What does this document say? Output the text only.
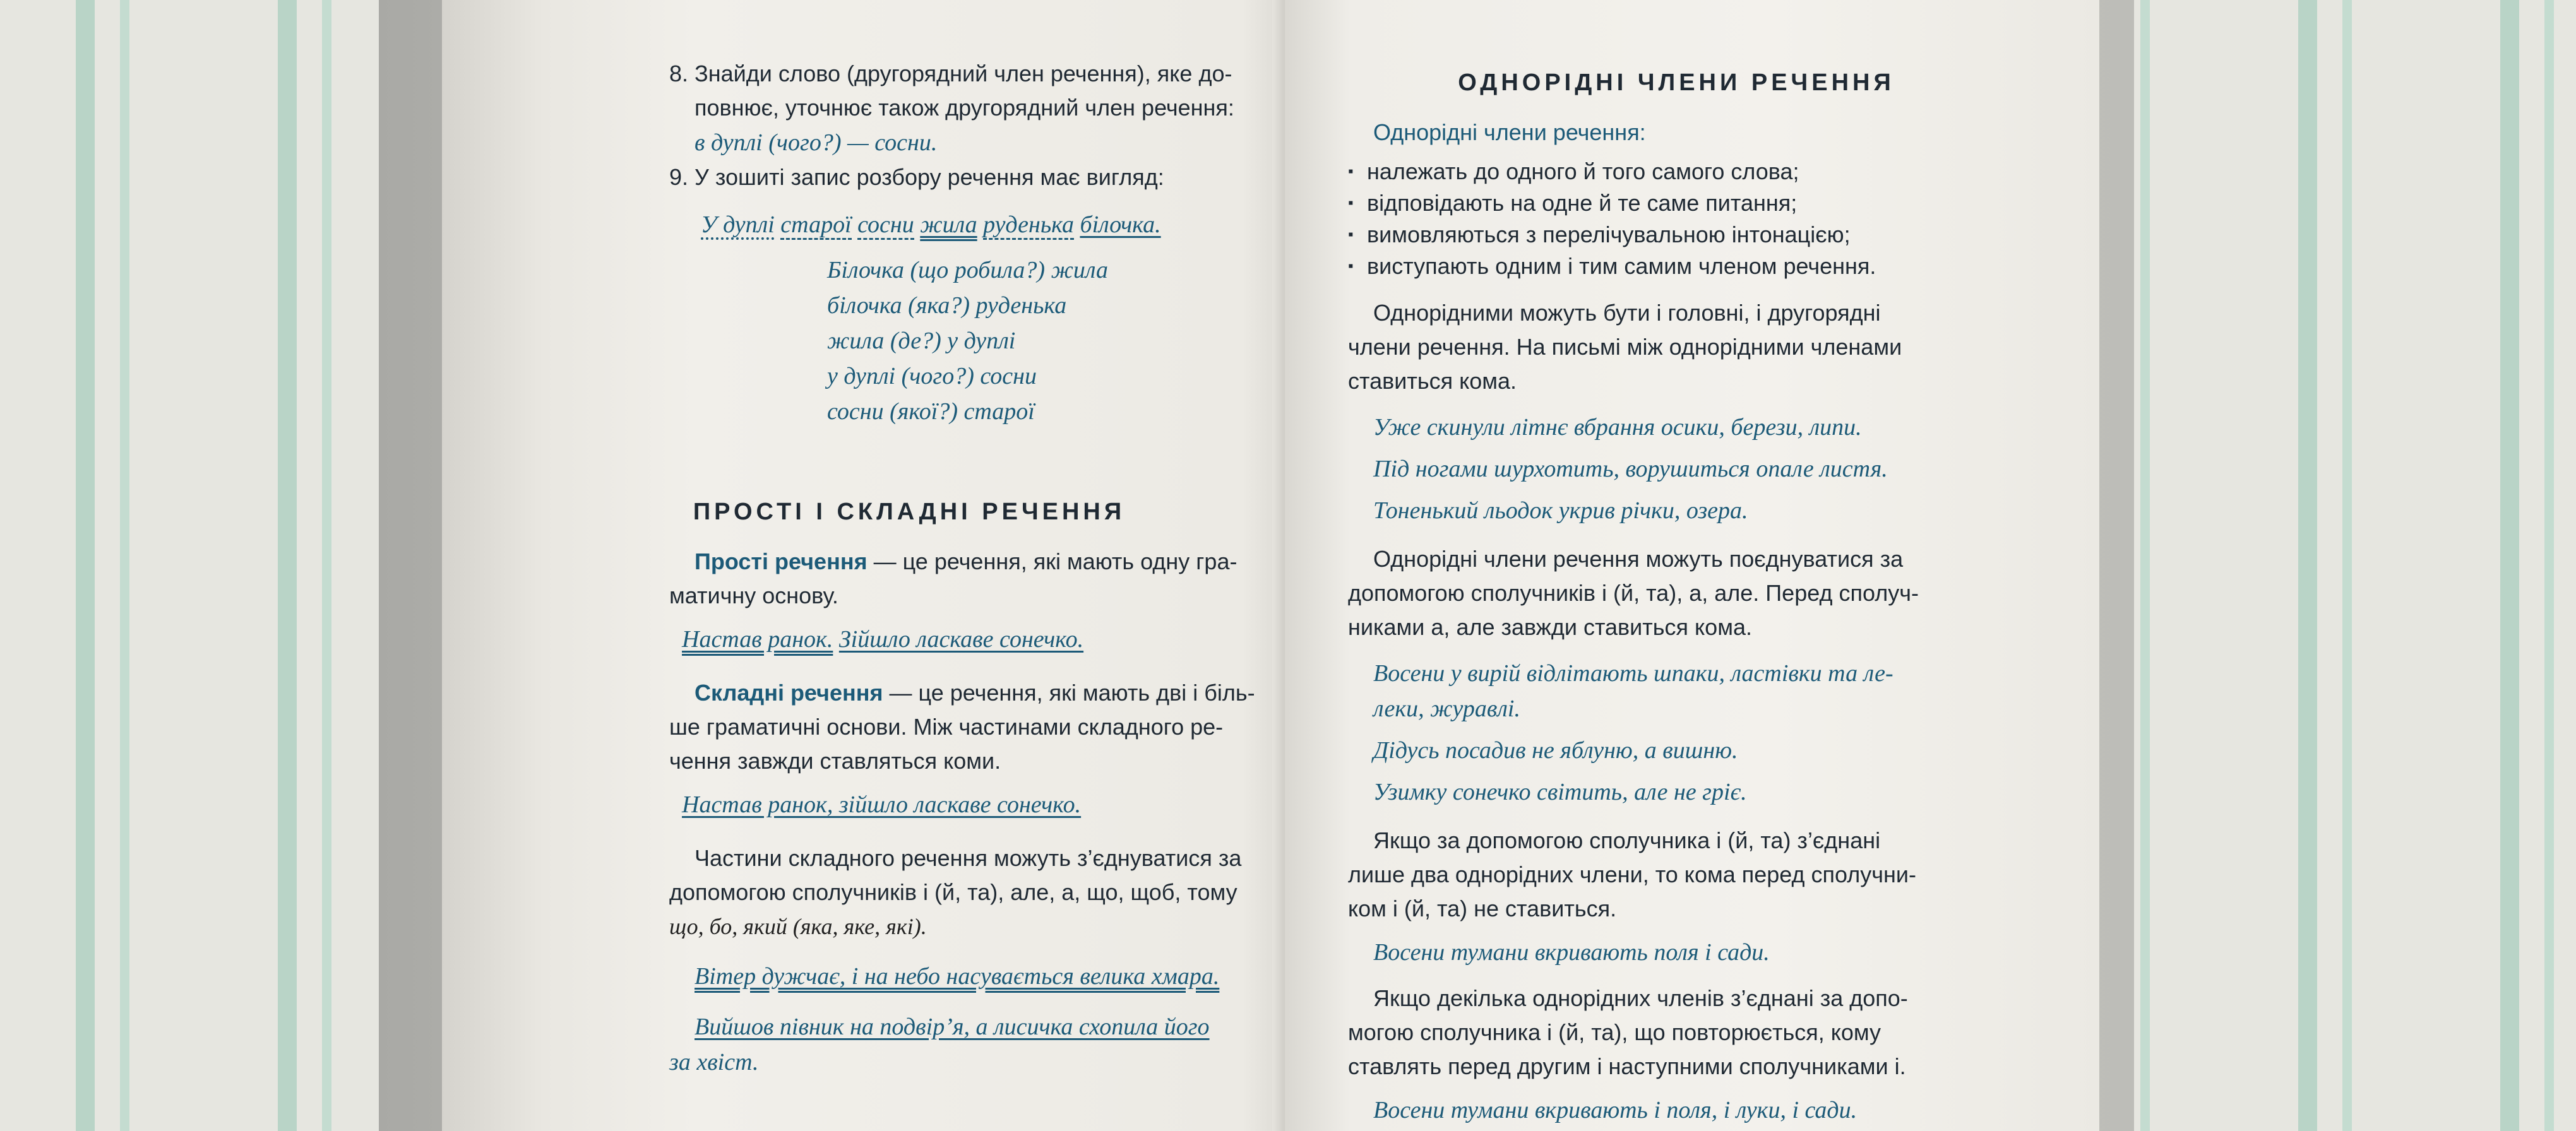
8. Знайди слово (другорядний член речення), яке до-

повнює, уточнює також другорядний член речення:

в дуплі (чого?) — сосни.

9. У зошиті запис розбору речення має вигляд:

У дуплі старої сосни жила руденька білочка.

Білочка (що робила?) жила

білочка (яка?) руденька

жила (де?) у дуплі

у дуплі (чого?) сосни

сосни (якої?) старої

ПРОСТІ І СКЛАДНІ РЕЧЕННЯ

Прості речення — це речення, які мають одну гра-

матичну основу.

Настав ранок. Зійшло ласкаве сонечко.

Складні речення — це речення, які мають дві і біль-

ше граматичні основи. Між частинами складного ре-

чення завжди ставляться коми.

Настав ранок, зійшло ласкаве сонечко.

Частини складного речення можуть з’єднуватися за

допомогою сполучників і (й, та), але, а, що, щоб, тому

що, бо, який (яка, яке, які).

Вітер дужчає, і на небо насувається велика хмара.

Вийшов півник на подвір’я, а лисичка схопила його

за хвіст.

ОДНОРІДНІ ЧЛЕНИ РЕЧЕННЯ

Однорідні члени речення:

▪ належать до одного й того самого слова;
▪ відповідають на одне й те саме питання;
▪ вимовляються з перелічувальною інтонацією;
▪ виступають одним і тим самим членом речення.

Однорідними можуть бути і головні, і другорядні

члени речення. На письмі між однорідними членами

ставиться кома.

Уже скинули літнє вбрання осики, берези, липи.

Під ногами шурхотить, ворушиться опале листя.

Тоненький льодок укрив річки, озера.

Однорідні члени речення можуть поєднуватися за

допомогою сполучників і (й, та), а, але. Перед сполуч-

никами а, але завжди ставиться кома.

Восени у вирій відлітають шпаки, ластівки та ле-

леки, журавлі.

Дідусь посадив не яблуню, а вишню.

Узимку сонечко світить, але не гріє.

Якщо за допомогою сполучника і (й, та) з’єднані

лише два однорідних члени, то кома перед сполучни-

ком і (й, та) не ставиться.

Восени тумани вкривають поля і сади.

Якщо декілька однорідних членів з’єднані за допо-

могою сполучника і (й, та), що повторюється, кому

ставлять перед другим і наступними сполучниками і.

Восени тумани вкривають і поля, і луки, і сади.
